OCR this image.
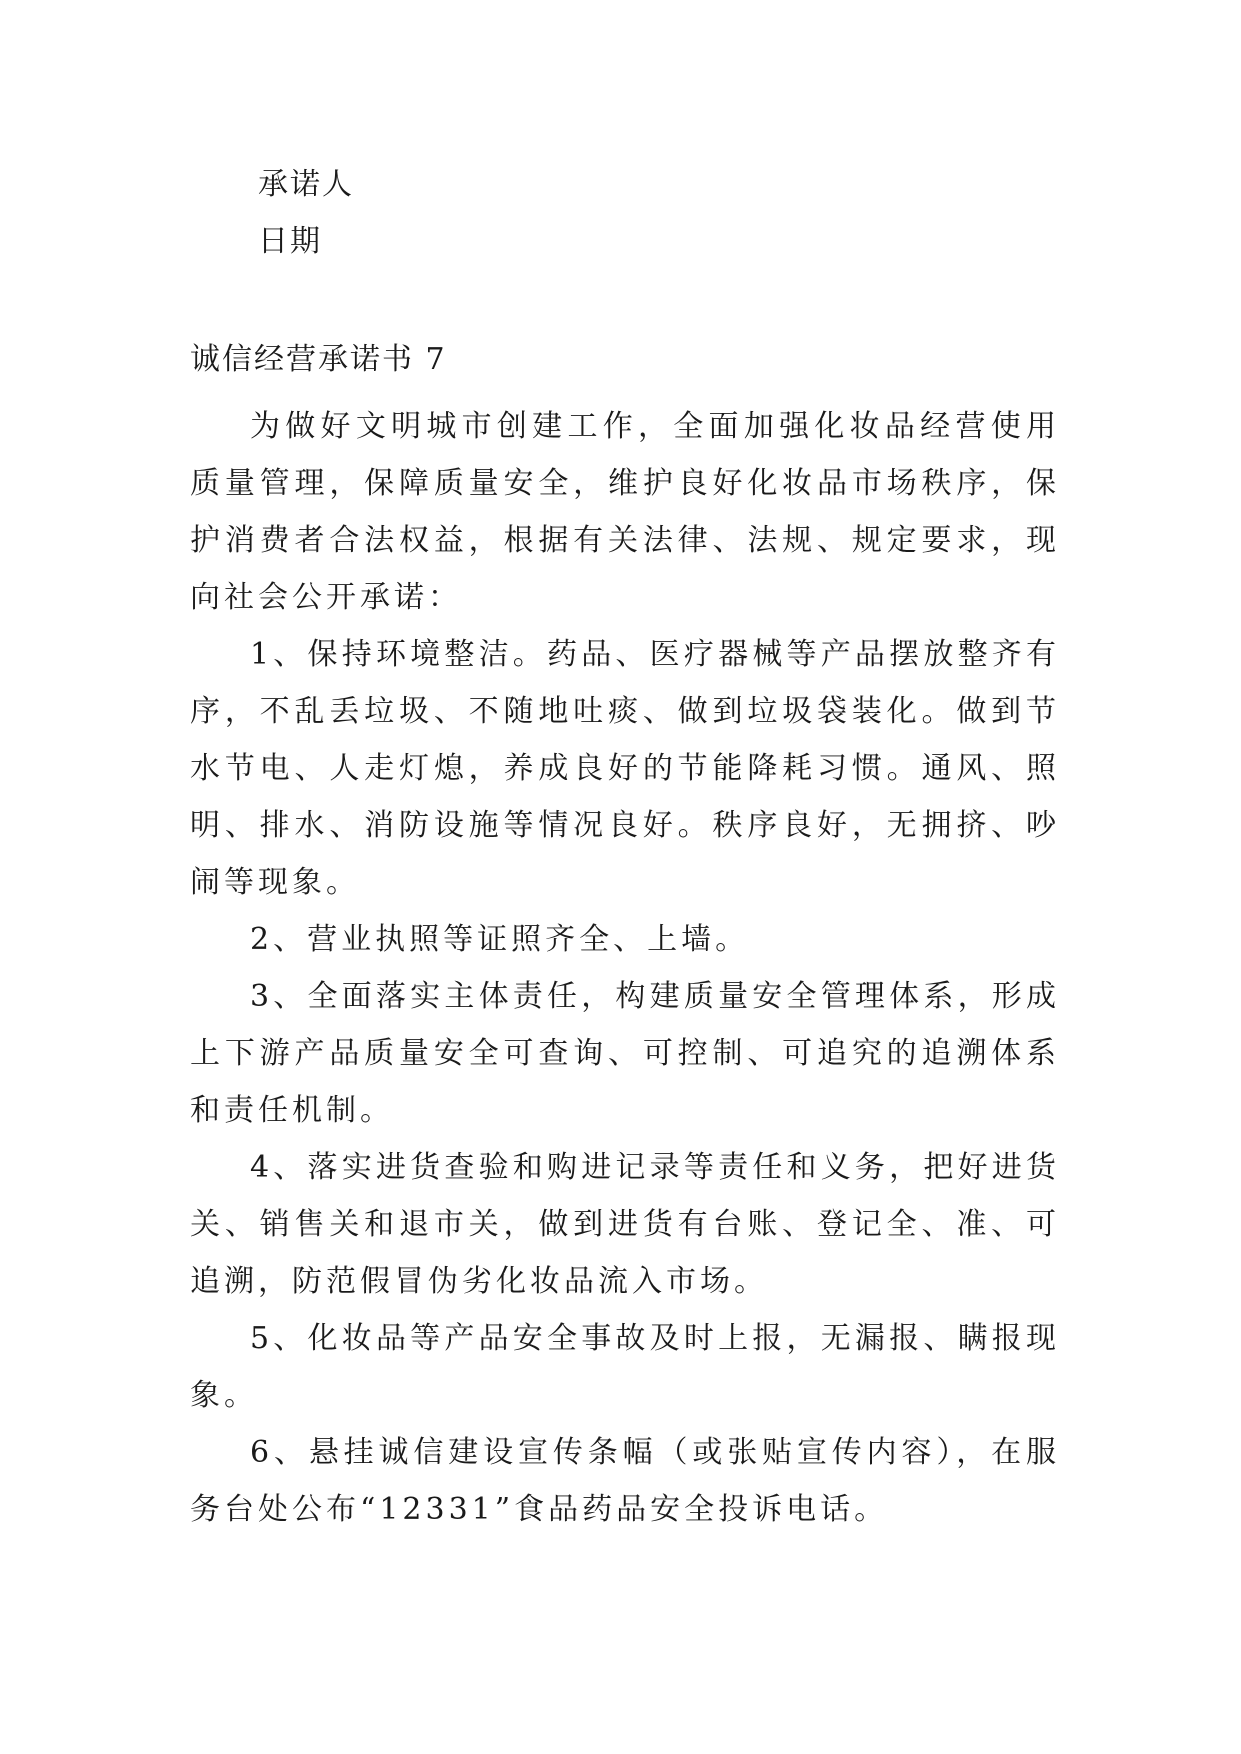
承诺人
日期
诚信经营承诺书 7

为做好文明城市创建工作，全面加强化妆品经营使用质量管理，保障质量安全，维护良好化妆品市场秩序，保护消费者合法权益，根据有关法律、法规、规定要求，现向社会公开承诺：

1、保持环境整洁。药品、医疗器械等产品摆放整齐有序，不乱丢垃圾、不随地吐痰、做到垃圾袋装化。做到节水节电、人走灯熄，养成良好的节能降耗习惯。通风、照明、排水、消防设施等情况良好。秩序良好，无拥挤、吵闹等现象。

2、营业执照等证照齐全、上墙。

3、全面落实主体责任，构建质量安全管理体系，形成上下游产品质量安全可查询、可控制、可追究的追溯体系和责任机制。

4、落实进货查验和购进记录等责任和义务，把好进货关、销售关和退市关，做到进货有台账、登记全、准、可追溯，防范假冒伪劣化妆品流入市场。

5、化妆品等产品安全事故及时上报，无漏报、瞒报现象。

6、悬挂诚信建设宣传条幅（或张贴宣传内容），在服务台处公布“12331”食品药品安全投诉电话。
